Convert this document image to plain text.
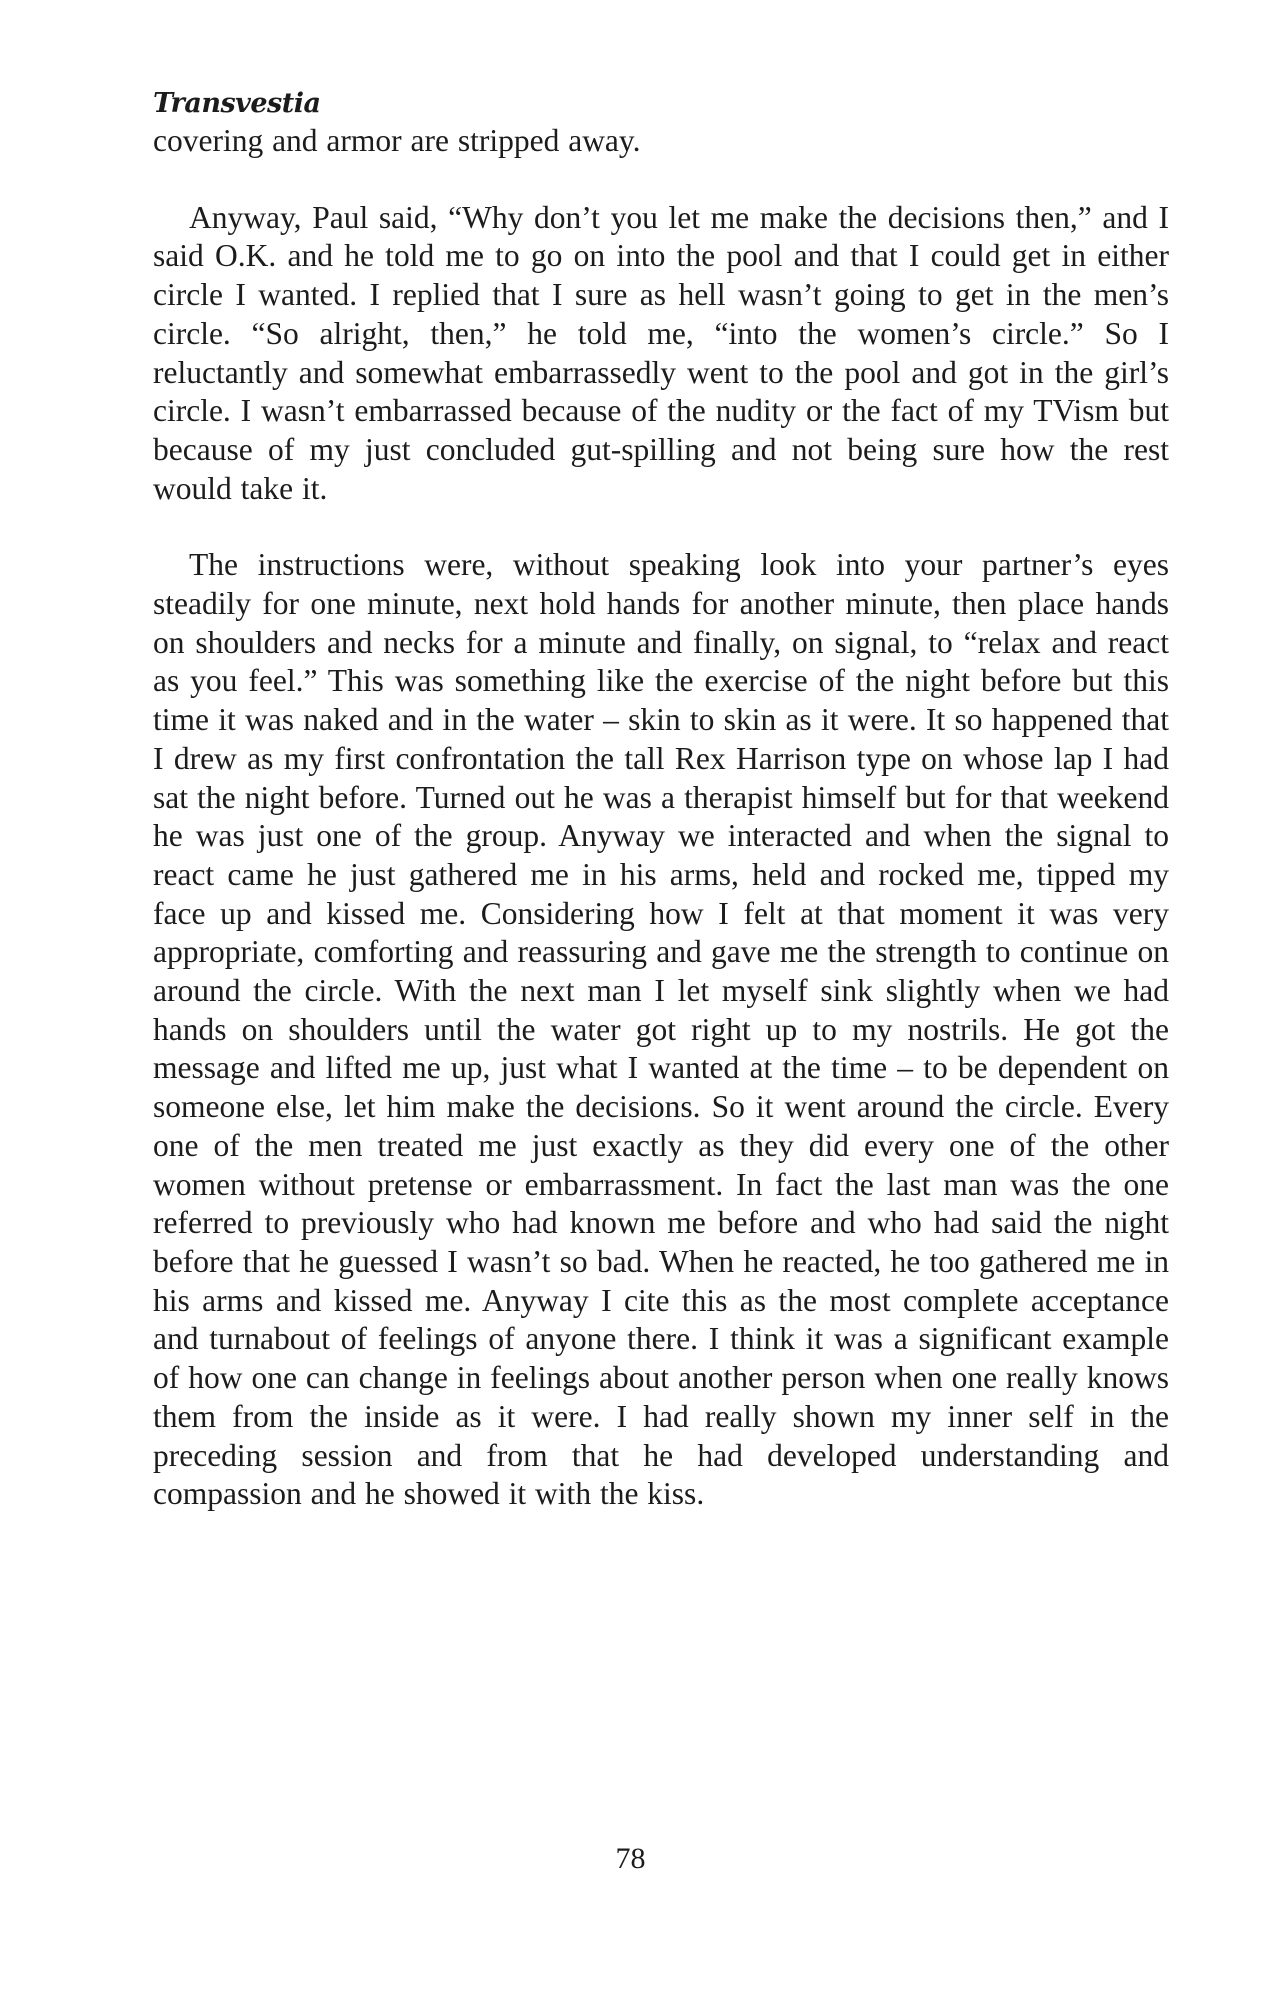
Transvestia

covering and armor are stripped away.

Anyway, Paul said, “Why don’t you let me make the decisions then,” and I said O.K. and he told me to go on into the pool and that I could get in either circle I wanted. I replied that I sure as hell wasn’t going to get in the men’s circle. “So alright, then,” he told me, “into the women’s circle.” So I reluctantly and somewhat embarrassedly went to the pool and got in the girl’s circle. I wasn’t embarrassed because of the nudity or the fact of my TVism but because of my just concluded gut-spilling and not being sure how the rest would take it.

The instructions were, without speaking look into your partner’s eyes steadily for one minute, next hold hands for another minute, then place hands on shoulders and necks for a minute and finally, on signal, to “relax and react as you feel.” This was something like the exercise of the night before but this time it was naked and in the water – skin to skin as it were. It so happened that I drew as my first confrontation the tall Rex Harrison type on whose lap I had sat the night before. Turned out he was a therapist himself but for that weekend he was just one of the group. Anyway we interacted and when the signal to react came he just gathered me in his arms, held and rocked me, tipped my face up and kissed me. Considering how I felt at that moment it was very appropriate, comforting and reassuring and gave me the strength to continue on around the circle. With the next man I let myself sink slightly when we had hands on shoulders until the water got right up to my nostrils. He got the message and lifted me up, just what I wanted at the time – to be dependent on someone else, let him make the decisions. So it went around the circle. Every one of the men treated me just exactly as they did every one of the other women without pretense or embarrassment. In fact the last man was the one referred to previously who had known me before and who had said the night before that he guessed I wasn’t so bad. When he reacted, he too gathered me in his arms and kissed me. Anyway I cite this as the most complete acceptance and turnabout of feelings of anyone there. I think it was a significant example of how one can change in feelings about another person when one really knows them from the inside as it were. I had really shown my inner self in the preceding session and from that he had developed understanding and compassion and he showed it with the kiss.

78
